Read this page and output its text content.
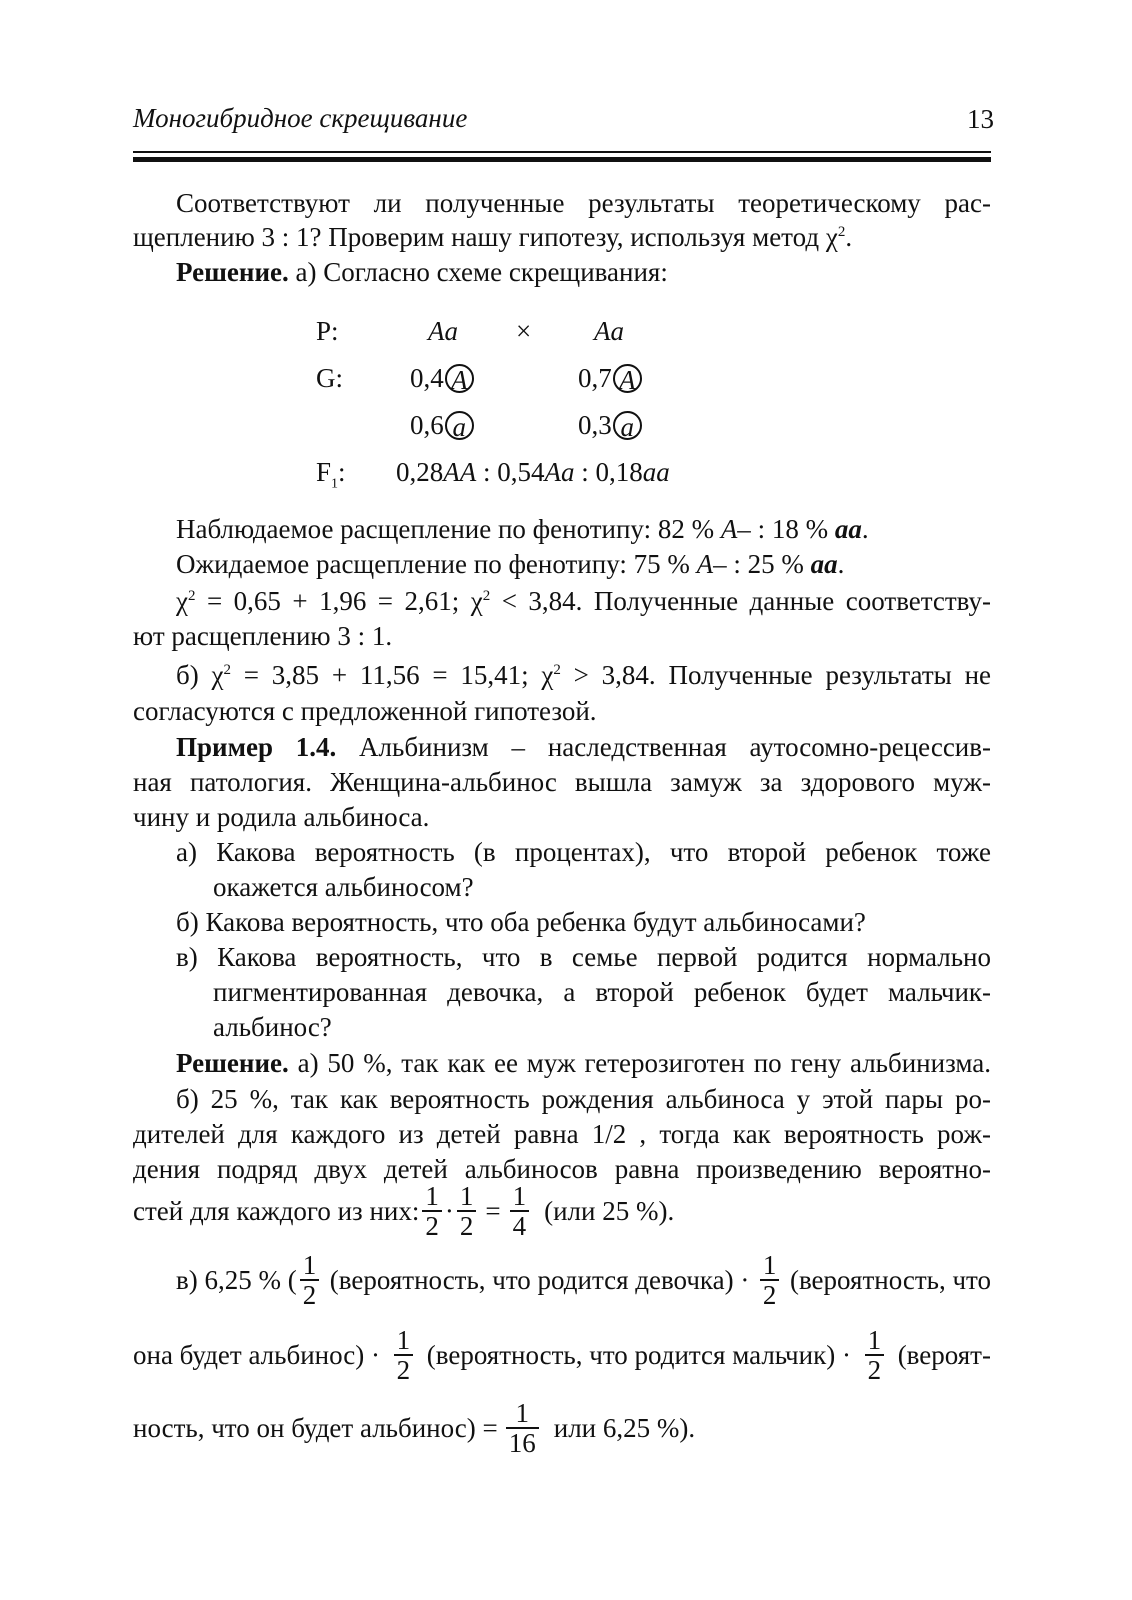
Моногибридное скрещивание	13
Соответствуют ли полученные результаты теоретическому рас-
щеплению 3 : 1? Проверим нашу гипотезу, используя метод $\chi^2$.
Решение. а) Согласно схеме скрещивания:
P:	Aa × Aa
G: 0,4 A	0,7 A
0,6 a	0,3 a
$F_1$: 0,28AA : 0,54Aa : 0,18aa
Наблюдаемое расщепление по фенотипу: 82 % A– : 18 % aa.
Ожидаемое расщепление по фенотипу: 75 % A– : 25 % aa.
$\chi^2 = 0,65 + 1,96 = 2,61$; $\chi^2 < 3,84$. Полученные данные соответству-
ют расщеплению 3 : 1.
б) $\chi^2 = 3,85 + 11,56 = 15,41$; $\chi^2 > 3,84$. Полученные результаты не
согласуются с предложенной гипотезой.
Пример 1.4. Альбинизм – наследственная аутосомно-рецессив-
ная патология. Женщина-альбинос вышла замуж за здорового муж-
чину и родила альбиноса.
а) Какова вероятность (в процентах), что второй ребенок тоже
окажется альбиносом?
б) Какова вероятность, что оба ребенка будут альбиносами?
в) Какова вероятность, что в семье первой родится нормально
пигментированная девочка, а второй ребенок будет мальчик-
альбинос?
Решение. а) 50 %, так как ее муж гетерозиготен по гену альбинизма.
б) 25 %, так как вероятность рождения альбиноса у этой пары ро-
дителей для каждого из детей равна 1/2 , тогда как вероятность рож-
дения подряд двух детей альбиносов равна произведению вероятно-
стей для каждого из них: $\frac{1}{2} \cdot \frac{1}{2} = \frac{1}{4} (или$ 25 %).
в) 6,25 % ( $\frac{1}{2}$ (вероятность, что родится девочка) · $\frac{1}{2}$ (вероятность, что
она будет альбинос) · $\frac{1}{2}$ (вероятность, что родится мальчик) · $\frac{1}{2}$ (вероят-
ность, что он будет альбинос) = $\frac{1}{16}$ или 6,25 %).
